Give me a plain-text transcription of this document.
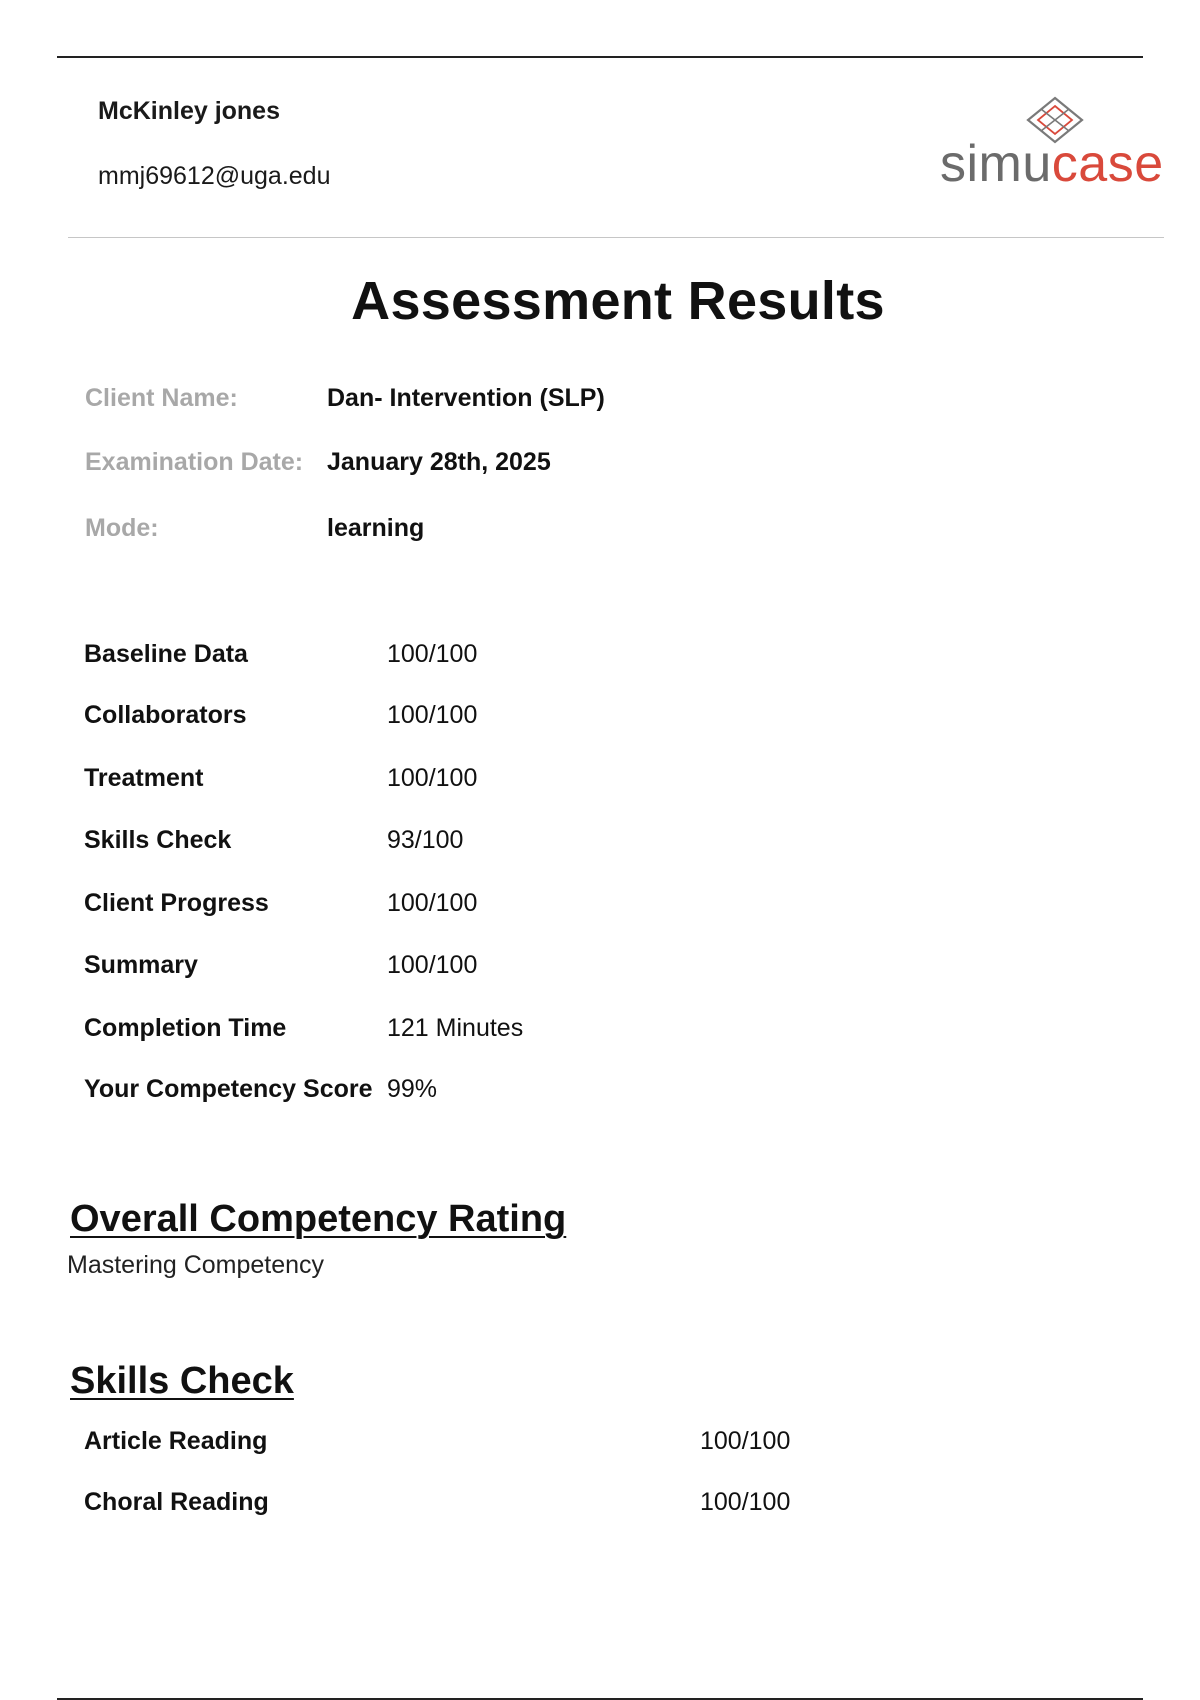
McKinley jones
mmj69612@uga.edu	simucase
Assessment Results
Client Name:	Dan- Intervention (SLP)
Examination Date: January 28th, 2025
Mode:	learning
Baseline Data	100/100
Collaborators	100/100
Treatment	100/100
Skills Check	93/100
Client Progress	100/100
Summary	100/100
Completion Time	121 Minutes
Your Competency Score 99%
Overall Competency Rating
Mastering Competency
Skills Check
Article Reading	100/100
Choral Reading	100/100
